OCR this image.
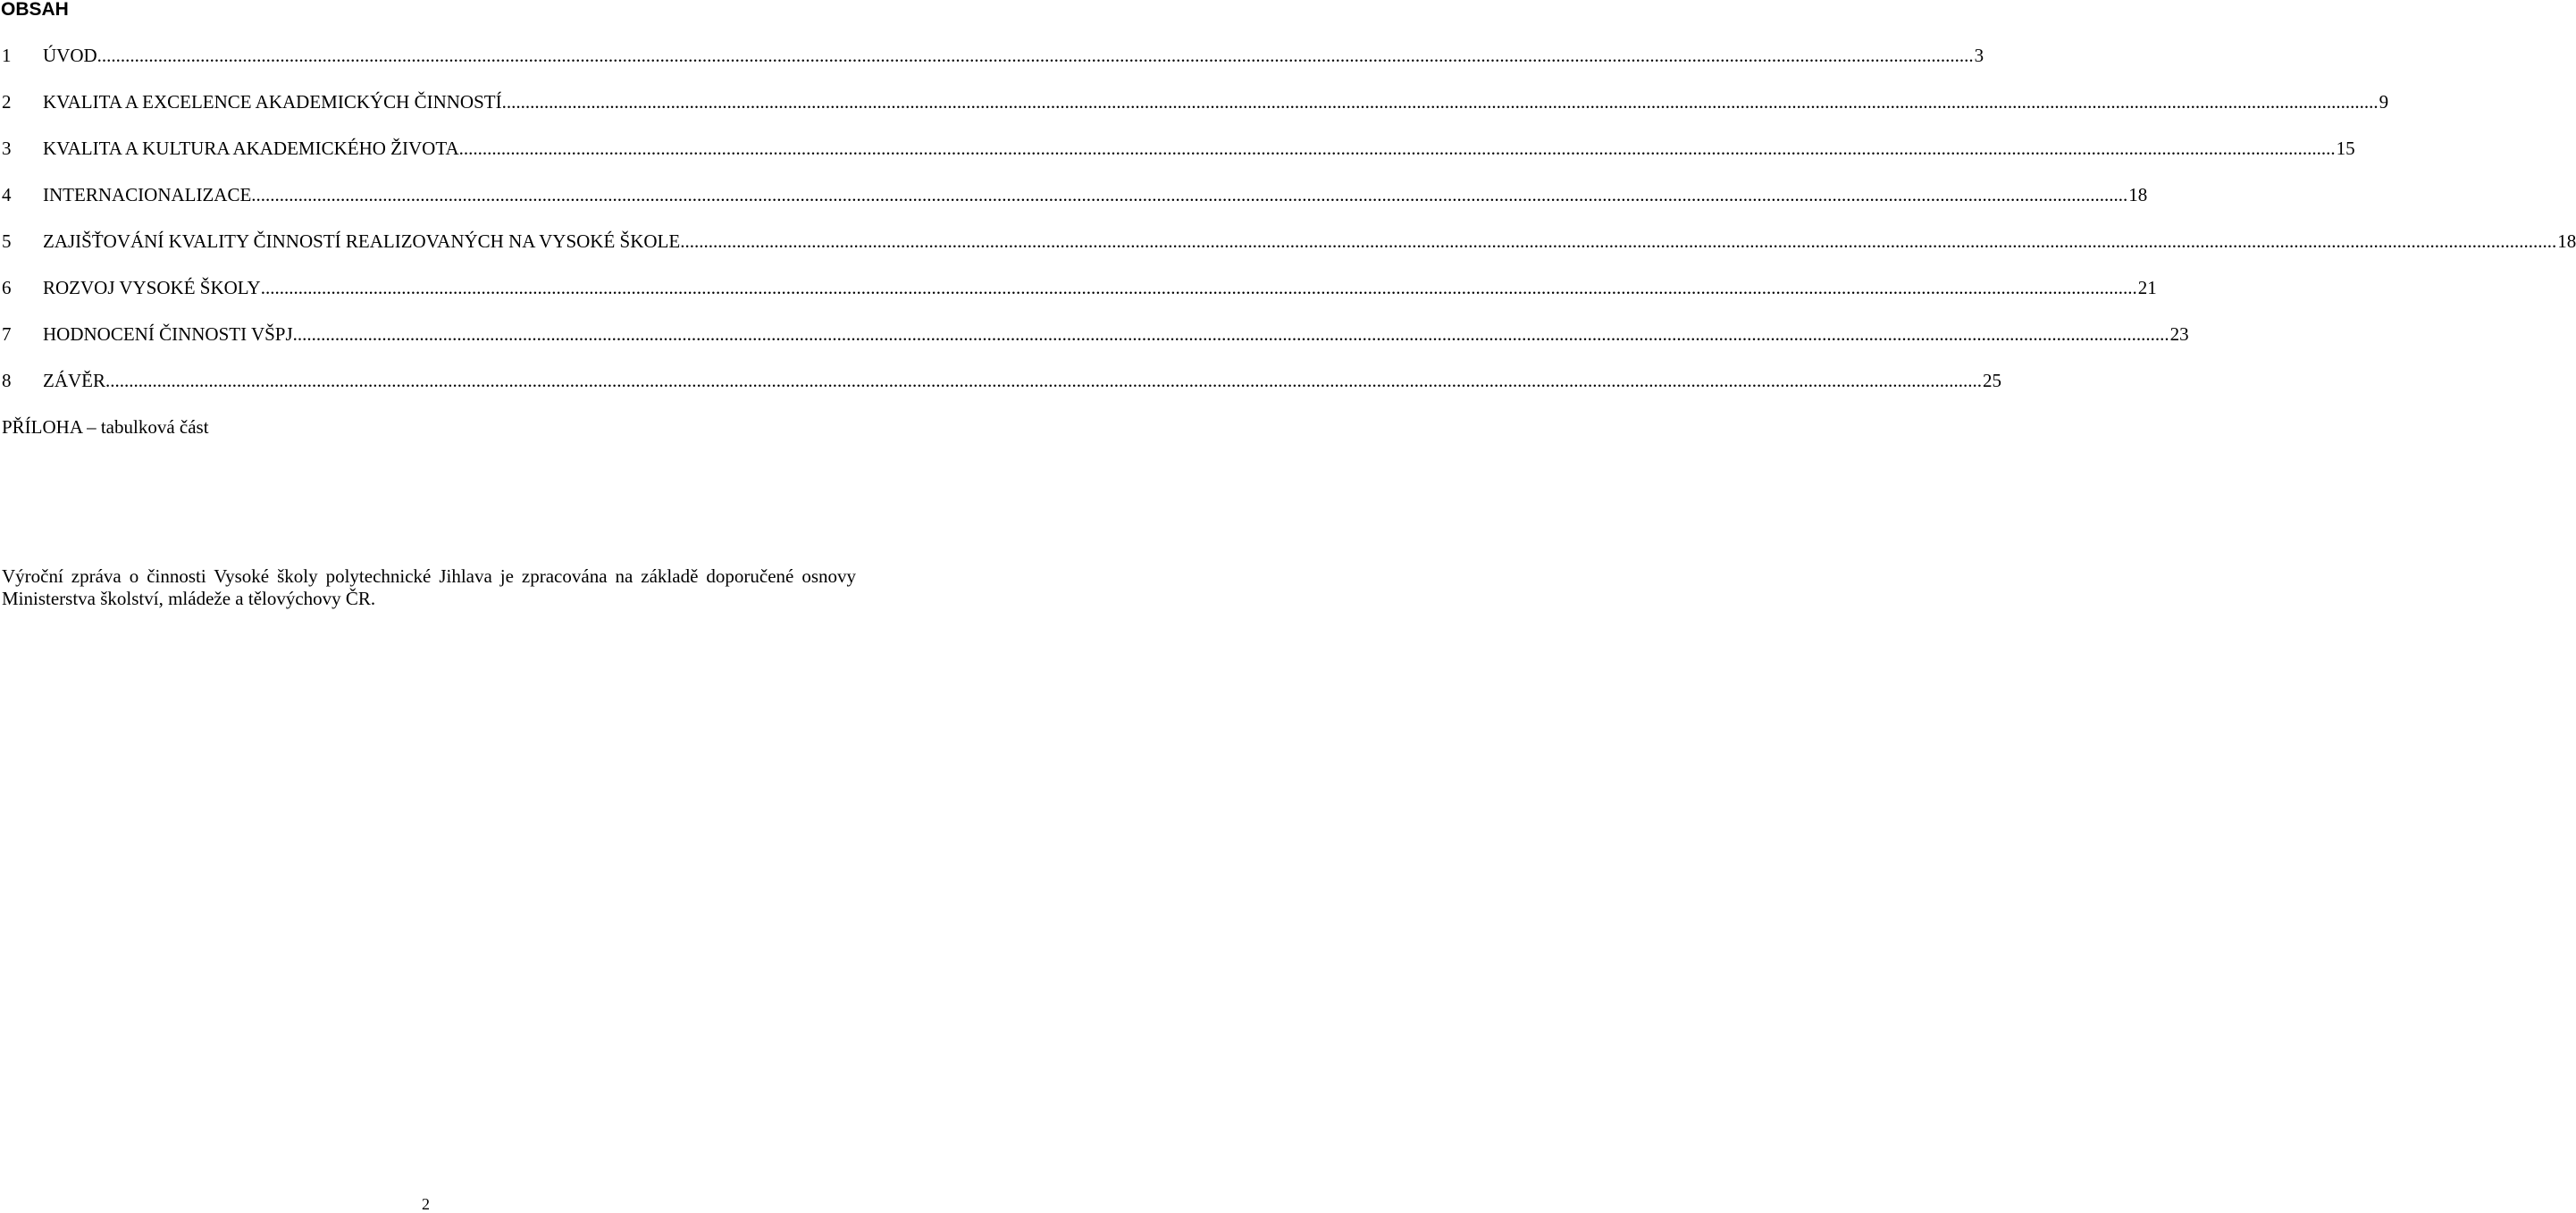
OBSAH
1 ÚVOD ................................................................................................................................................................................................................................................................................................................................................................................................................ 3
2 KVALITA A EXCELENCE AKADEMICKÝCH ČINNOSTÍ ................................................................................................................................................................................................................................................................................................................................................................................................................ 9
3 KVALITA A KULTURA AKADEMICKÉHO ŽIVOTA ................................................................................................................................................................................................................................................................................................................................................................................................................ 15
4 INTERNACIONALIZACE ................................................................................................................................................................................................................................................................................................................................................................................................................ 18
5 ZAJIŠŤOVÁNÍ KVALITY ČINNOSTÍ REALIZOVANÝCH NA VYSOKÉ ŠKOLE ................................................................................................................................................................................................................................................................................................................................................................................................................ 18
6 ROZVOJ VYSOKÉ ŠKOLY ................................................................................................................................................................................................................................................................................................................................................................................................................ 21
7 HODNOCENÍ ČINNOSTI VŠPJ ................................................................................................................................................................................................................................................................................................................................................................................................................ 23
8 ZÁVĚR ................................................................................................................................................................................................................................................................................................................................................................................................................ 25
PŘÍLOHA – tabulková část

Výroční zpráva o činnosti Vysoké školy polytechnické Jihlava je zpracována na základě doporučené osnovy Ministerstva školství, mládeže a tělovýchovy ČR.

2
